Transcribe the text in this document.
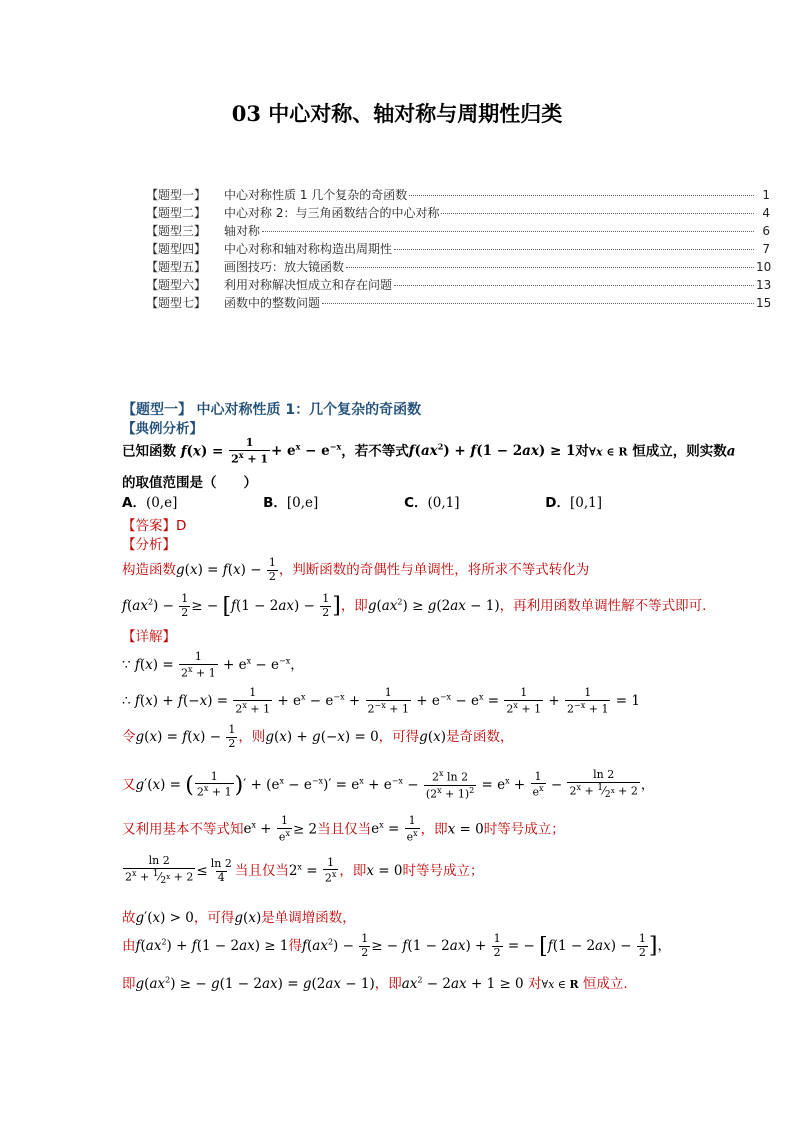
03 中心对称、轴对称与周期性归类
【题型一】	中心对称性质 1 几个复杂的奇函数	1
【题型二】	中心对称 2：与三角函数结合的中心对称	4
【题型三】	轴对称	6
【题型四】	中心对称和轴对称构造出周期性	7
【题型五】	画图技巧：放大镜函数	10
【题型六】	利用对称解决恒成立和存在问题	13
【题型七】	函数中的整数问题	15
【题型一】 中心对称性质 1：几个复杂的奇函数
【典例分析】
已知函数 $f(x) = \frac{1}{2^x + 1} + e^x - e^{-x}$，若不等式$f(ax^2) + f(1 - 2ax) \ge 1$对∀x ∈ R 恒成立，则实数a
的取值范围是（　　）
A．(0,e]	B．[0,e]	C．(0,1]	D．[0,1]
【答案】D
【分析】
构造函数$g(x) = f(x) - \frac{1}{2}$ ，判断函数的奇偶性与单调性，将所求不等式转化为
$f(ax^2) - \frac{1}{2}$ ≥ − [$f(1 - 2ax) - \frac{1}{2}$ ]，即$g(ax^2) \ge g(2ax - 1)$，再利用函数单调性解不等式即可.
【详解】
∵ $f(x) = \frac{1}{2^x + 1} + e^x - e^{-x}$，
∴ $f(x) + f(-x) = \frac{1}{2^x + 1} + e^x - e^{-x} + \frac{1}{2^{-x} + 1} + e^{-x} - e^x = \frac{1}{2^x + 1} + \frac{1}{2^{-x} + 1} = 1$
令$g(x) = f(x) - \frac{1}{2}$ ，则g(x) + g(−x) = 0，可得g(x)是奇函数，
又g′(x) = ( $\frac{1}{2^x + 1}$ )′ + $(e^x - e^{-x})' = e^x + e^{-x} - \frac{2^x \ln 2}{(2^x + 1)^2} = e^x + \frac{1}{e^x} - \frac{\ln 2}{2^x + ^1⁄_{2^x} + 2}$ ，
又利用基本不等式知$e^x + \frac{1}{e^x} \ge 2$当且仅当$e^x = \frac{1}{e^x}$ ，即x = 0时等号成立；
$\frac{\ln 2}{2^x + ^1⁄_{2^x} + 2} \le \frac{\ln 2}{4}$ 当且仅当$2^x = \frac{1}{2^x}$ ，即x = 0时等号成立；
故g′(x) > 0，可得g(x)是单调增函数，
由$f(ax^2) + f(1 - 2ax) \ge 1$得$f(ax^2) - \frac{1}{2}$ ≥ − $f(1 - 2ax) + \frac{1}{2}$ = − [$f(1 - 2ax) - \frac{1}{2}$ ]，
即$g(ax^2)$ ≥ − g(1 − 2ax) = g(2ax − 1)，即$ax^2 - 2ax + 1 \ge 0$ 对∀x ∈ R 恒成立.
